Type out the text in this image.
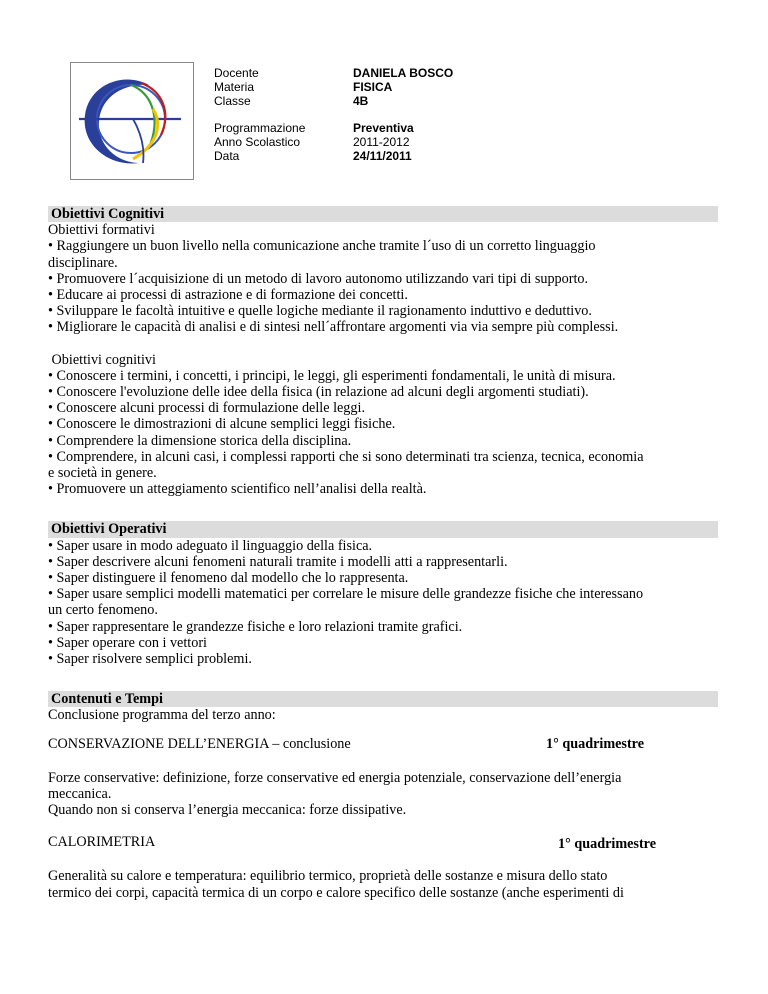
Docente
Materia
Classe
Programmazione
Anno Scolastico
Data
DANIELA BOSCO
FISICA
4B
Preventiva
2011-2012
24/11/2011

Obiettivi Cognitivi

Obiettivi formativi

• Raggiungere un buon livello nella comunicazione anche tramite l´uso di un corretto linguaggio

disciplinare.

• Promuovere l´acquisizione di un metodo di lavoro autonomo utilizzando vari tipi di supporto.

• Educare ai processi di astrazione e di formazione dei concetti.

• Sviluppare le facoltà intuitive e quelle logiche mediante il ragionamento induttivo e deduttivo.

• Migliorare le capacità di analisi e di sintesi nell´affrontare argomenti via via sempre più complessi.

Obiettivi cognitivi

• Conoscere i termini, i concetti, i principi, le leggi, gli esperimenti fondamentali, le unità di misura.

• Conoscere l'evoluzione delle idee della fisica (in relazione ad alcuni degli argomenti studiati).

• Conoscere alcuni processi di formulazione delle leggi.

• Conoscere le dimostrazioni di alcune semplici leggi fisiche.

• Comprendere la dimensione storica della disciplina.

• Comprendere, in alcuni casi, i complessi rapporti che si sono determinati tra scienza, tecnica, economia

e società in genere.

• Promuovere un atteggiamento scientifico nell’analisi della realtà.

Obiettivi Operativi

• Saper usare in modo adeguato il linguaggio della fisica.

• Saper descrivere alcuni fenomeni naturali tramite i modelli atti a rappresentarli.

• Saper distinguere il fenomeno dal modello che lo rappresenta.

• Saper usare semplici modelli matematici per correlare le misure delle grandezze fisiche che interessano

un certo fenomeno.

• Saper rappresentare le grandezze fisiche e loro relazioni tramite grafici.

• Saper operare con i vettori

• Saper risolvere semplici problemi.

Contenuti e Tempi

Conclusione programma del terzo anno:

CONSERVAZIONE DELL’ENERGIA – conclusione	1° quadrimestre

Forze conservative: definizione, forze conservative ed energia potenziale, conservazione dell’energia

meccanica.

Quando non si conserva l’energia meccanica: forze dissipative.

CALORIMETRIA	1° quadrimestre

Generalità su calore e temperatura: equilibrio termico, proprietà delle sostanze e misura dello stato

termico dei corpi, capacità termica di un corpo e calore specifico delle sostanze (anche esperimenti di
